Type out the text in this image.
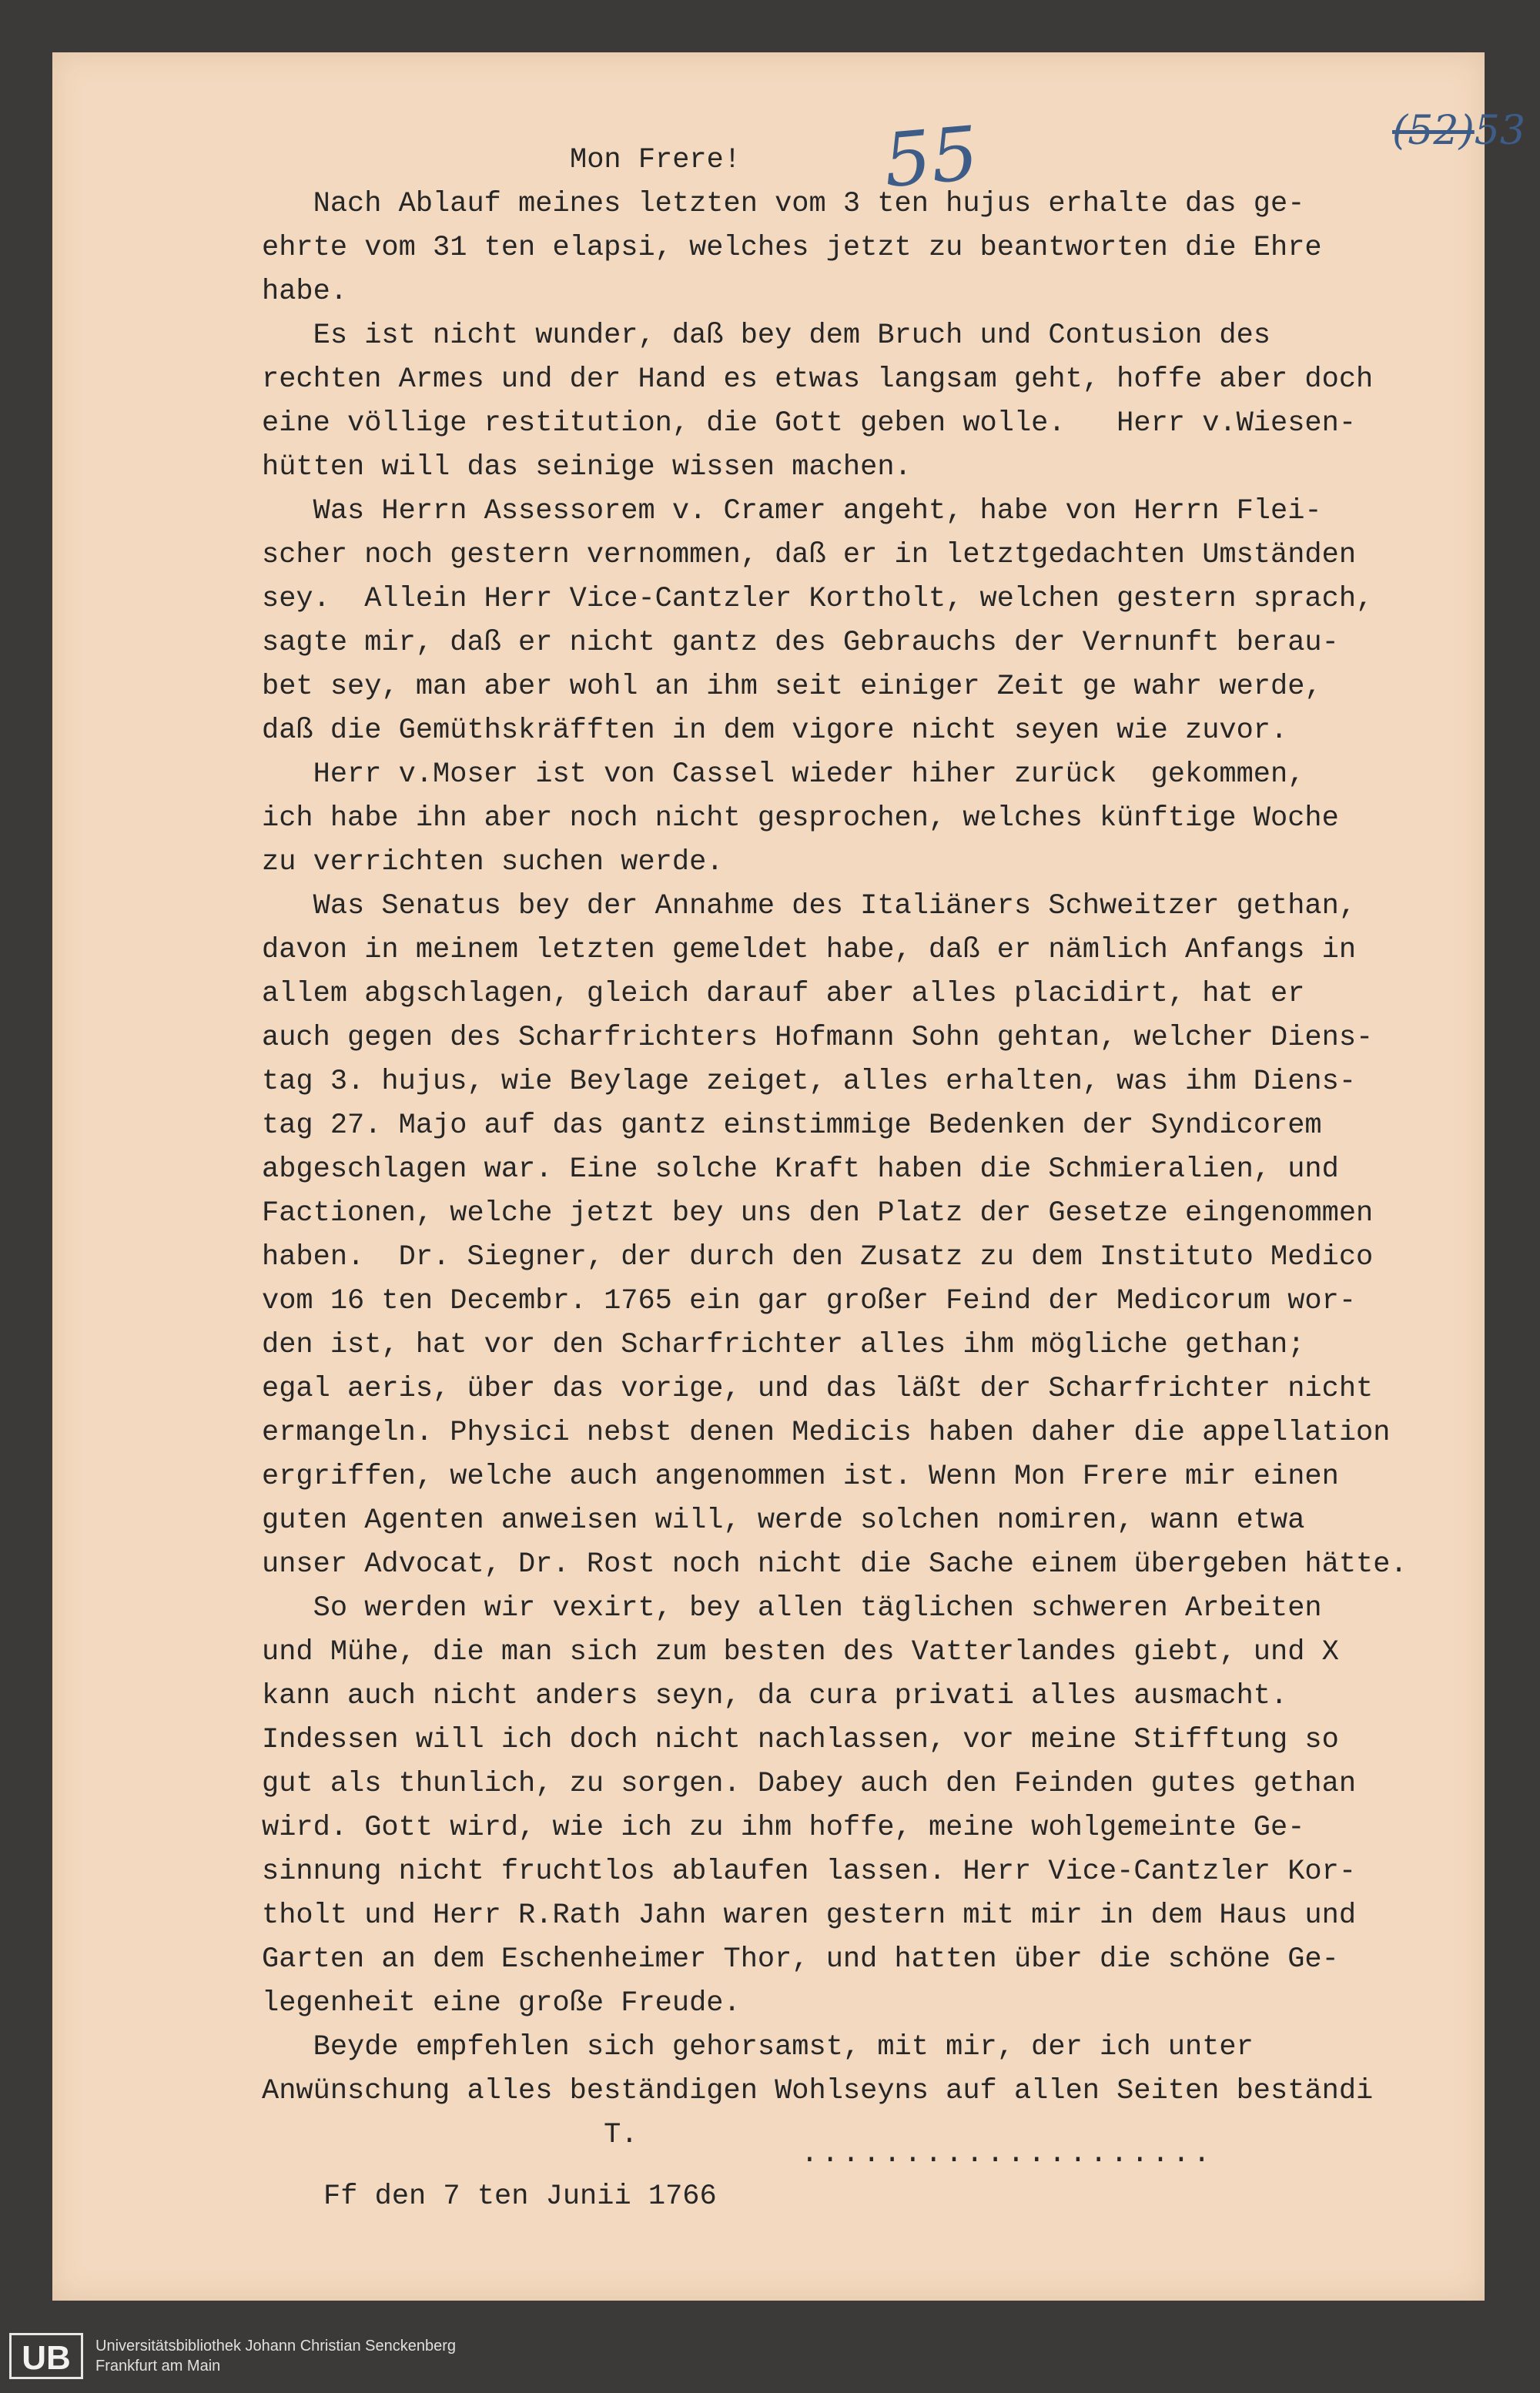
55	(52)53

Mon Frere!

Nach Ablauf meines letzten vom 3 ten hujus erhalte das ge-

ehrte vom 31 ten elapsi, welches jetzt zu beantworten die Ehre

habe.

Es ist nicht wunder, daß bey dem Bruch und Contusion des

rechten Armes und der Hand es etwas langsam geht, hoffe aber doch

eine völlige restitution, die Gott geben wolle.   Herr v.Wiesen-

hütten will das seinige wissen machen.

Was Herrn Assessorem v. Cramer angeht, habe von Herrn Flei-

scher noch gestern vernommen, daß er in letztgedachten Umständen

sey.  Allein Herr Vice-Cantzler Kortholt, welchen gestern sprach,

sagte mir, daß er nicht gantz des Gebrauchs der Vernunft berau-

bet sey, man aber wohl an ihm seit einiger Zeit ge wahr werde,

daß die Gemüthskräfften in dem vigore nicht seyen wie zuvor.

Herr v.Moser ist von Cassel wieder hiher zurück  gekommen,

ich habe ihn aber noch nicht gesprochen, welches künftige Woche

zu verrichten suchen werde.

Was Senatus bey der Annahme des Italiäners Schweitzer gethan,

davon in meinem letzten gemeldet habe, daß er nämlich Anfangs in

allem abgschlagen, gleich darauf aber alles placidirt, hat er

auch gegen des Scharfrichters Hofmann Sohn gehtan, welcher Diens-

tag 3. hujus, wie Beylage zeiget, alles erhalten, was ihm Diens-

tag 27. Majo auf das gantz einstimmige Bedenken der Syndicorem

abgeschlagen war. Eine solche Kraft haben die Schmieralien, und

Factionen, welche jetzt bey uns den Platz der Gesetze eingenommen

haben.  Dr. Siegner, der durch den Zusatz zu dem Instituto Medico

vom 16 ten Decembr. 1765 ein gar großer Feind der Medicorum wor-

den ist, hat vor den Scharfrichter alles ihm mögliche gethan;

egal aeris, über das vorige, und das läßt der Scharfrichter nicht

ermangeln. Physici nebst denen Medicis haben daher die appellation

ergriffen, welche auch angenommen ist. Wenn Mon Frere mir einen

guten Agenten anweisen will, werde solchen nomiren, wann etwa

unser Advocat, Dr. Rost noch nicht die Sache einem übergeben hätte.

So werden wir vexirt, bey allen täglichen schweren Arbeiten

und Mühe, die man sich zum besten des Vatterlandes giebt, und X

kann auch nicht anders seyn, da cura privati alles ausmacht.

Indessen will ich doch nicht nachlassen, vor meine Stifftung so

gut als thunlich, zu sorgen. Dabey auch den Feinden gutes gethan

wird. Gott wird, wie ich zu ihm hoffe, meine wohlgemeinte Ge-

sinnung nicht fruchtlos ablaufen lassen. Herr Vice-Cantzler Kor-

tholt und Herr R.Rath Jahn waren gestern mit mir in dem Haus und

Garten an dem Eschenheimer Thor, und hatten über die schöne Ge-

legenheit eine große Freude.

Beyde empfehlen sich gehorsamst, mit mir, der ich unter

Anwünschung alles beständigen Wohlseyns auf allen Seiten beständi

T.

....................
Ff den 7 ten Junii 1766
UB	Universitätsbibliothek Johann Christian Senckenberg
Frankfurt am Main
